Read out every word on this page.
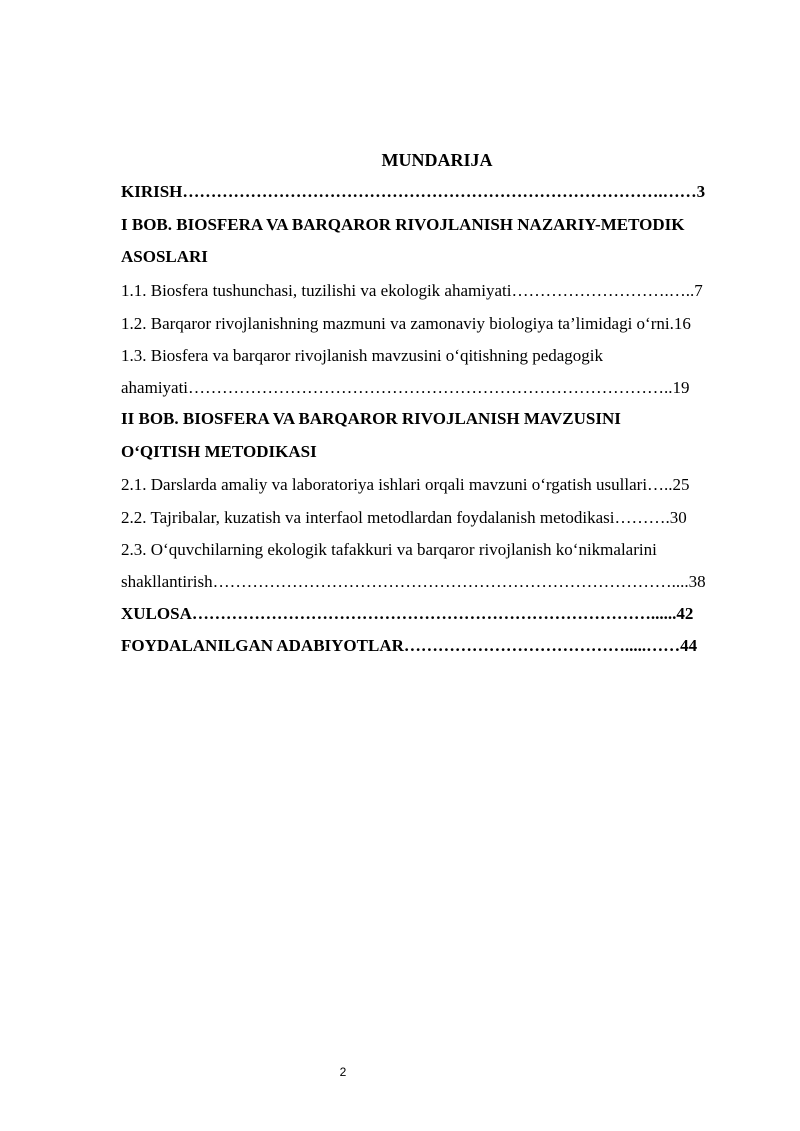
MUNDARIJA
KIRISH………………………………………………………………………….……3
I BOB. BIOSFERA VA BARQAROR RIVOJLANISH NAZARIY-METODIK
ASOSLARI
1.1. Biosfera tushunchasi, tuzilishi va ekologik ahamiyati……………………….…..7
1.2. Barqaror rivojlanishning mazmuni va zamonaviy biologiya ta’limidagi o‘rni.16
1.3. Biosfera va barqaror rivojlanish mavzusini o‘qitishning pedagogik
ahamiyati…………………………………………………………………………..19
II BOB. BIOSFERA VA BARQAROR RIVOJLANISH MAVZUSINI
O‘QITISH METODIKASI
2.1. Darslarda amaliy va laboratoriya ishlari orqali mavzuni o‘rgatish usullari…..25
2.2. Tajribalar, kuzatish va interfaol metodlardan foydalanish metodikasi……….30
2.3. O‘quvchilarning ekologik tafakkuri va barqaror rivojlanish ko‘nikmalarini
shakllantirish………………………………………………………………………....38
XULOSA………………………………………………………………………......42
FOYDALANILGAN ADABIYOTLAR………………………………….....……44
2
